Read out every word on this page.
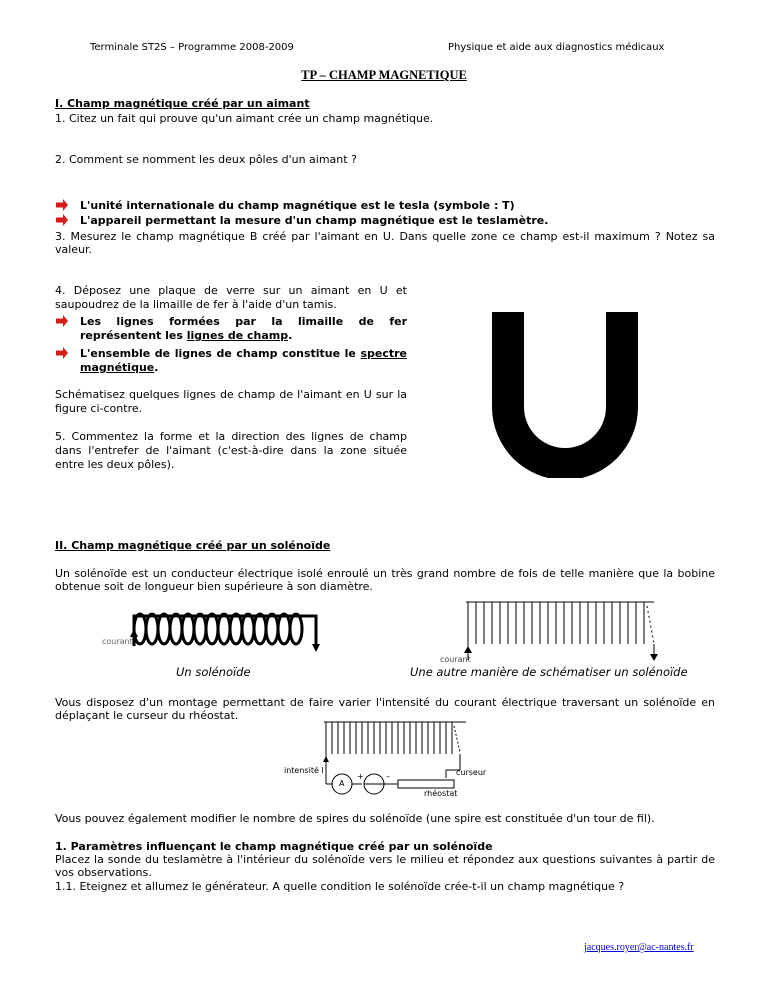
Terminale ST2S – Programme 2008-2009	Physique et aide aux diagnostics médicaux
TP – CHAMP MAGNETIQUE
I. Champ magnétique créé par un aimant
1. Citez un fait qui prouve qu'un aimant crée un champ magnétique.
2. Comment se nomment les deux pôles d'un aimant ?
L'unité internationale du champ magnétique est le tesla (symbole : T)
L'appareil permettant la mesure d'un champ magnétique est le teslamètre.
3. Mesurez le champ magnétique B créé par l'aimant en U. Dans quelle zone ce champ est-il maximum ? Notez sa valeur.
4. Déposez une plaque de verre sur un aimant en U et saupoudrez de la limaille de fer à l'aide d'un tamis.
Les lignes formées par la limaille de fer représentent les lignes de champ.
L'ensemble de lignes de champ constitue le spectre magnétique.
Schématisez quelques lignes de champ de l'aimant en U sur la figure ci-contre.
5. Commentez la forme et la direction des lignes de champ dans l'entrefer de l'aimant (c'est-à-dire dans la zone située entre les deux pôles).
II. Champ magnétique créé par un solénoïde
Un solénoïde est un conducteur électrique isolé enroulé un très grand nombre de fois de telle manière que la bobine obtenue soit de longueur bien supérieure à son diamètre.
courant
Un solénoïde
courant
Une autre manière de schématiser un solénoïde
Vous disposez d'un montage permettant de faire varier l'intensité du courant électrique traversant un solénoïde en déplaçant le curseur du rhéostat.
intensité I
A
+	–	curseur
rhéostat
Vous pouvez également modifier le nombre de spires du solénoïde (une spire est constituée d'un tour de fil).
1. Paramètres influençant le champ magnétique créé par un solénoïde
Placez la sonde du teslamètre à l'intérieur du solénoïde vers le milieu et répondez aux questions suivantes à partir de vos observations.
1.1. Eteignez et allumez le générateur. A quelle condition le solénoïde crée-t-il un champ magnétique ?
jacques.royer@ac-nantes.fr
